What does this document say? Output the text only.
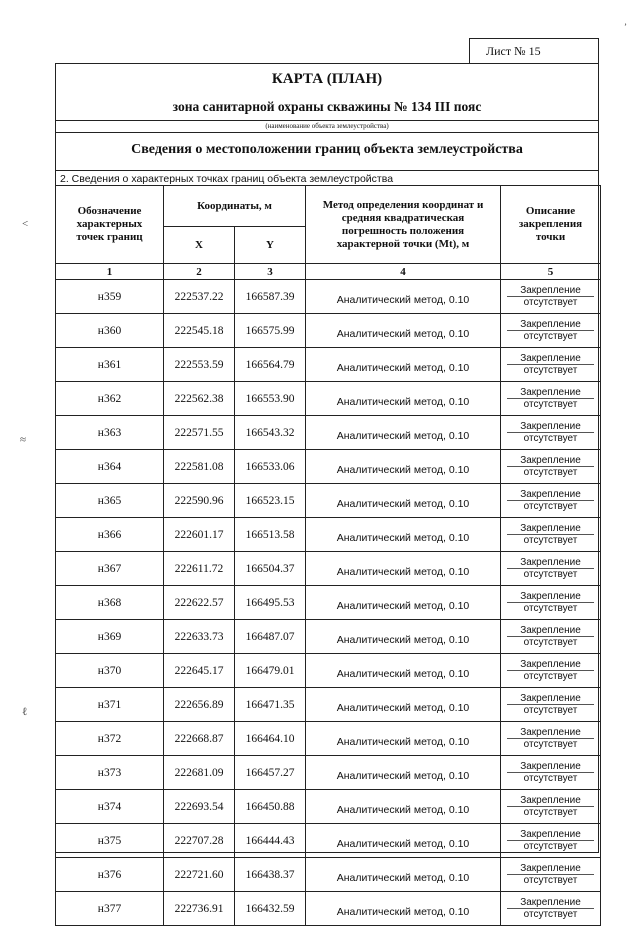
Лист № 15
КАРТА (ПЛАН)
зона санитарной охраны скважины № 134 III пояс
(наименование объекта землеустройства)
Сведения о местоположении границ объекта землеустройства
2. Сведения о характерных точках границ объекта землеустройства
Обозначение характерных точек границ	Координаты, м		Метод определения координат и средняя квадратическая погрешность положения характерной точки (Mt), м	Описание закрепления точки
	X	Y		
1	2	3	4	5
н359	222537.22	166587.39	Аналитический метод, 0.10	Закрепление
отсутствует

н360	222545.18	166575.99	Аналитический метод, 0.10	Закрепление
отсутствует

н361	222553.59	166564.79	Аналитический метод, 0.10	Закрепление
отсутствует

н362	222562.38	166553.90	Аналитический метод, 0.10	Закрепление
отсутствует

н363	222571.55	166543.32	Аналитический метод, 0.10	Закрепление
отсутствует

н364	222581.08	166533.06	Аналитический метод, 0.10	Закрепление
отсутствует

н365	222590.96	166523.15	Аналитический метод, 0.10	Закрепление
отсутствует

н366	222601.17	166513.58	Аналитический метод, 0.10	Закрепление
отсутствует

н367	222611.72	166504.37	Аналитический метод, 0.10	Закрепление
отсутствует

н368	222622.57	166495.53	Аналитический метод, 0.10	Закрепление
отсутствует

н369	222633.73	166487.07	Аналитический метод, 0.10	Закрепление
отсутствует

н370	222645.17	166479.01	Аналитический метод, 0.10	Закрепление
отсутствует

н371	222656.89	166471.35	Аналитический метод, 0.10	Закрепление
отсутствует

н372	222668.87	166464.10	Аналитический метод, 0.10	Закрепление
отсутствует

н373	222681.09	166457.27	Аналитический метод, 0.10	Закрепление
отсутствует

н374	222693.54	166450.88	Аналитический метод, 0.10	Закрепление
отсутствует

н375	222707.28	166444.43	Аналитический метод, 0.10	Закрепление
отсутствует

н376	222721.60	166438.37	Аналитический метод, 0.10	Закрепление
отсутствует

н377	222736.91	166432.59	Аналитический метод, 0.10	Закрепление
отсутствует
<
≈
ℓ
’
